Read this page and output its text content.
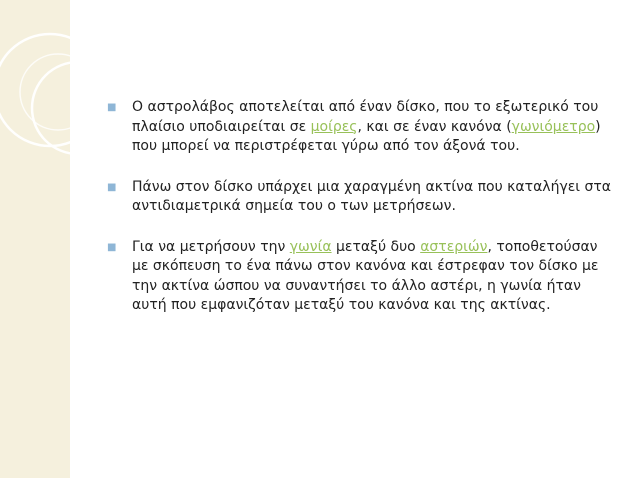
■ Ο αστρολάβος αποτελείται από έναν δίσκο, που το εξωτερικό του πλαίσιο υποδιαιρείται σε μοίρες, και σε έναν κανόνα (γωνιόμετρο) που μπορεί να περιστρέφεται γύρω από τον άξονά του.
■ Πάνω στον δίσκο υπάρχει μια χαραγμένη ακτίνα που καταλήγει στα αντιδιαμετρικά σημεία του ο των μετρήσεων.
■ Για να μετρήσουν την γωνία μεταξύ δυο αστεριών, τοποθετούσαν με σκόπευση το ένα πάνω στον κανόνα και έστρεφαν τον δίσκο με την ακτίνα ώσπου να συναντήσει το άλλο αστέρι, η γωνία ήταν αυτή που εμφανιζόταν μεταξύ του κανόνα και της ακτίνας.
